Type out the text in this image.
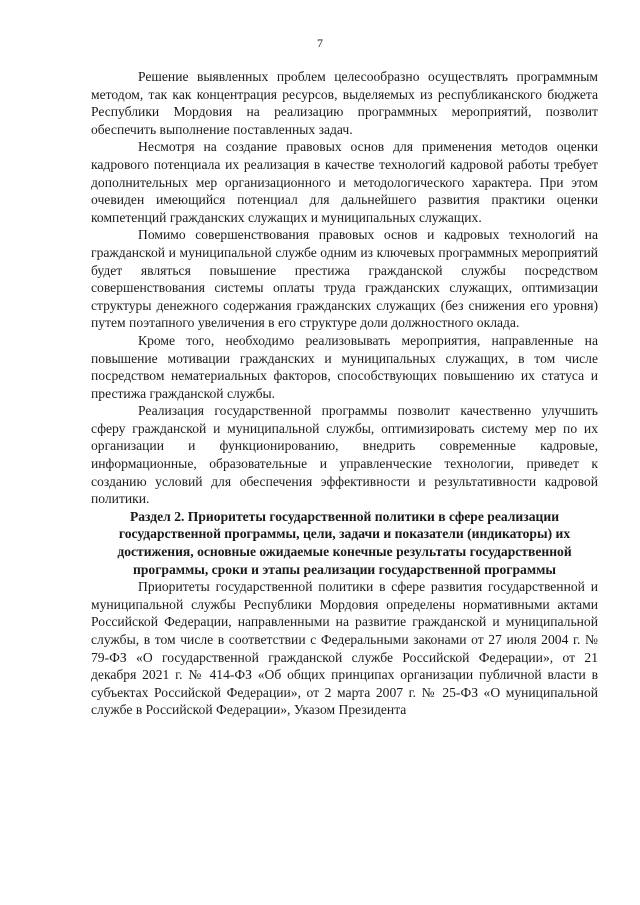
7

Решение выявленных проблем целесообразно осуществлять программным методом, так как концентрация ресурсов, выделяемых из республиканского бюджета Республики Мордовия на реализацию программных мероприятий, позволит обеспечить выполнение поставленных задач.

Несмотря на создание правовых основ для применения методов оценки кадрового потенциала их реализация в качестве технологий кадровой работы требует дополнительных мер организационного и методологического характера. При этом очевиден имеющийся потенциал для дальнейшего развития практики оценки компетенций гражданских служащих и муниципальных служащих.

Помимо совершенствования правовых основ и кадровых технологий на гражданской и муниципальной службе одним из ключевых программных мероприятий будет являться повышение престижа гражданской службы посредством совершенствования системы оплаты труда гражданских служащих, оптимизации структуры денежного содержания гражданских служащих (без снижения его уровня) путем поэтапного увеличения в его структуре доли должностного оклада.

Кроме того, необходимо реализовывать мероприятия, направленные на повышение мотивации гражданских и муниципальных служащих, в том числе посредством нематериальных факторов, способствующих повышению их статуса и престижа гражданской службы.

Реализация государственной программы позволит качественно улучшить сферу гражданской и муниципальной службы, оптимизировать систему мер по их организации и функционированию, внедрить современные кадровые, информационные, образовательные и управленческие технологии, приведет к созданию условий для обеспечения эффективности и результативности кадровой политики.

Раздел 2. Приоритеты государственной политики в сфере реализации государственной программы, цели, задачи и показатели (индикаторы) их достижения, основные ожидаемые конечные результаты государственной программы, сроки и этапы реализации государственной программы

Приоритеты государственной политики в сфере развития государственной и муниципальной службы Республики Мордовия определены нормативными актами Российской Федерации, направленными на развитие гражданской и муниципальной службы, в том числе в соответствии с Федеральными законами от 27 июля 2004 г. № 79-ФЗ «О государственной гражданской службе Российской Федерации», от 21 декабря 2021 г. № 414-ФЗ «Об общих принципах организации публичной власти в субъектах Российской Федерации», от 2 марта 2007 г. № 25-ФЗ «О муниципальной службе в Российской Федерации», Указом Президента
